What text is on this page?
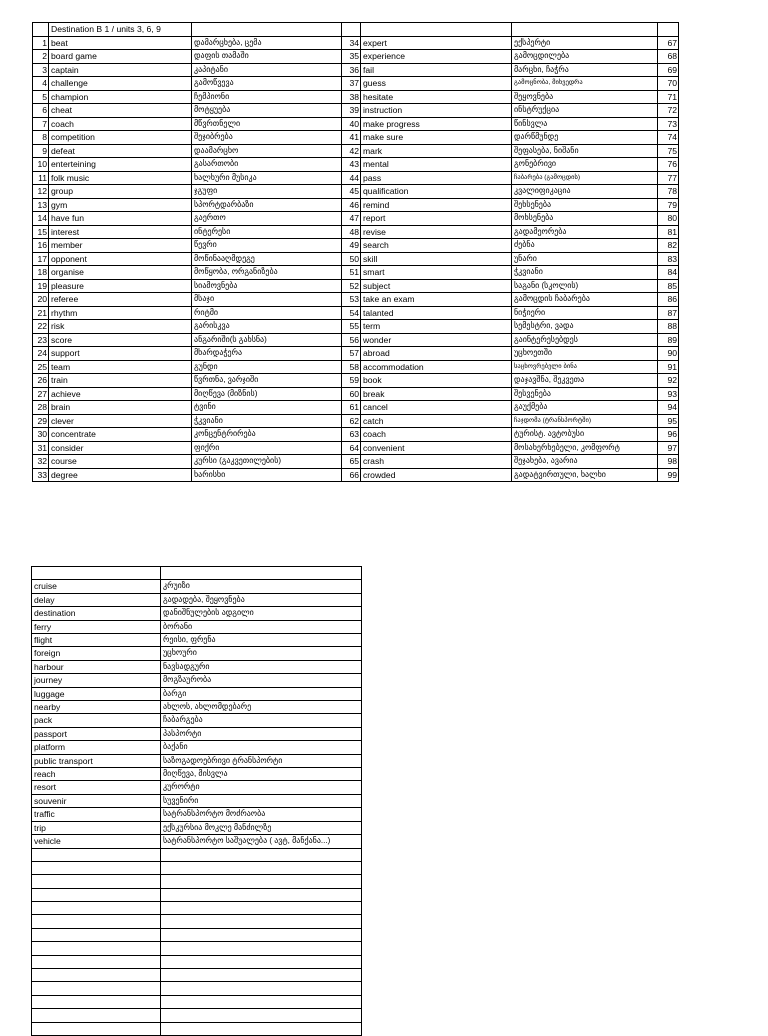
	Destination B 1 / units 3, 6, 9					
1	beat	დამარცხება, ცემა	34	expert	ექსპერტი	67
2	board game	დაფის თამაში	35	experience	გამოცდილება	68
3	captain	კაპიტანი	36	fail	მარცხი, ჩაჭრა	69
4	challenge	გამოწვევა	37	guess	გამოცნობა, მიხვედრა	70
5	champion	ჩემპიონი	38	hesitate	შეყოვნება	71
6	cheat	მოტყუება	39	instruction	ინსტრუქცია	72
7	coach	მწვრთნელი	40	make progress	წინსვლა	73
8	competition	შეჯიბრება	41	make sure	დარწმუნდე	74
9	defeat	დაამარცხო	42	mark	შეფასება, ნიშანი	75
10	enterteining	გასართობი	43	mental	გონებრივი	76
11	folk music	ხალხური მუსიკა	44	pass	ჩაბარება (გამოცდის)	77
12	group	ჯგუფი	45	qualification	კვალიფიკაცია	78
13	gym	სპორტდარბაზი	46	remind	შეხსენება	79
14	have fun	გაერთო	47	report	მოხსენება	80
15	interest	ინტერესი	48	revise	გადამეორება	81
16	member	წევრი	49	search	ძებნა	82
17	opponent	მოწინააღმდეგე	50	skill	უნარი	83
18	organise	მოწყობა, ორგანიზება	51	smart	ჭკვიანი	84
19	pleasure	სიამოვნება	52	subject	საგანი (სკოლის)	85
20	referee	მსაჯი	53	take an exam	გამოცდის ჩაბარება	86
21	rhythm	რიტმი	54	talanted	ნიჭიერი	87
22	risk	გარისკვა	55	term	სემესტრი, ვადა	88
23	score	ანგარიში(ს გახსნა)	56	wonder	გაინტერესებდეს	89
24	support	მხარდაჭერა	57	abroad	უცხოეთში	90
25	team	გუნდი	58	accommodation	საცხოვრებელი ბინა	91
26	train	წვრთნა, ვარჯიში	59	book	დაჯავშნა, შეკვეთა	92
27	achieve	მიღწევა (მიზნის)	60	break	შესვენება	93
28	brain	ტვინი	61	cancel	გაუქმება	94
29	clever	ჭკვიანი	62	catch	ჩაჯდომა (ტრანსპორტში)	95
30	concentrate	კონცენტრირება	63	coach	ტურისტ. ავტობუსი	96
31	consider	ფიქრი	64	convenient	მოსახერხებელი, კომფორტ	97
32	course	კურსი (გაკვეთილების)	65	crash	შეჯახება, ავარია	98
33	degree	ხარისხი	66	crowded	გადატვირთული, ხალხი	99

cruise	კრუიზი
delay	გადადება, შეყოვნება
destination	დანიშნულების ადგილი
ferry	ბორანი
flight	რეისი, ფრენა
foreign	უცხოური
harbour	ნავსადგური
journey	მოგზაურობა
luggage	ბარგი
nearby	ახლოს, ახლომდებარე
pack	ჩაბარგება
passport	პასპორტი
platform	ბაქანი
public transport	საზოგადოებრივი ტრანსპორტი
reach	მიღწევა, მისვლა
resort	კურორტი
souvenir	სუვენირი
traffic	სატრანსპორტო მოძრაობა
trip	ექსკურსია მოკლე მანძილზე
vehicle	სატრანსპორტო საშუალება ( ავტ, მანქანა...)
